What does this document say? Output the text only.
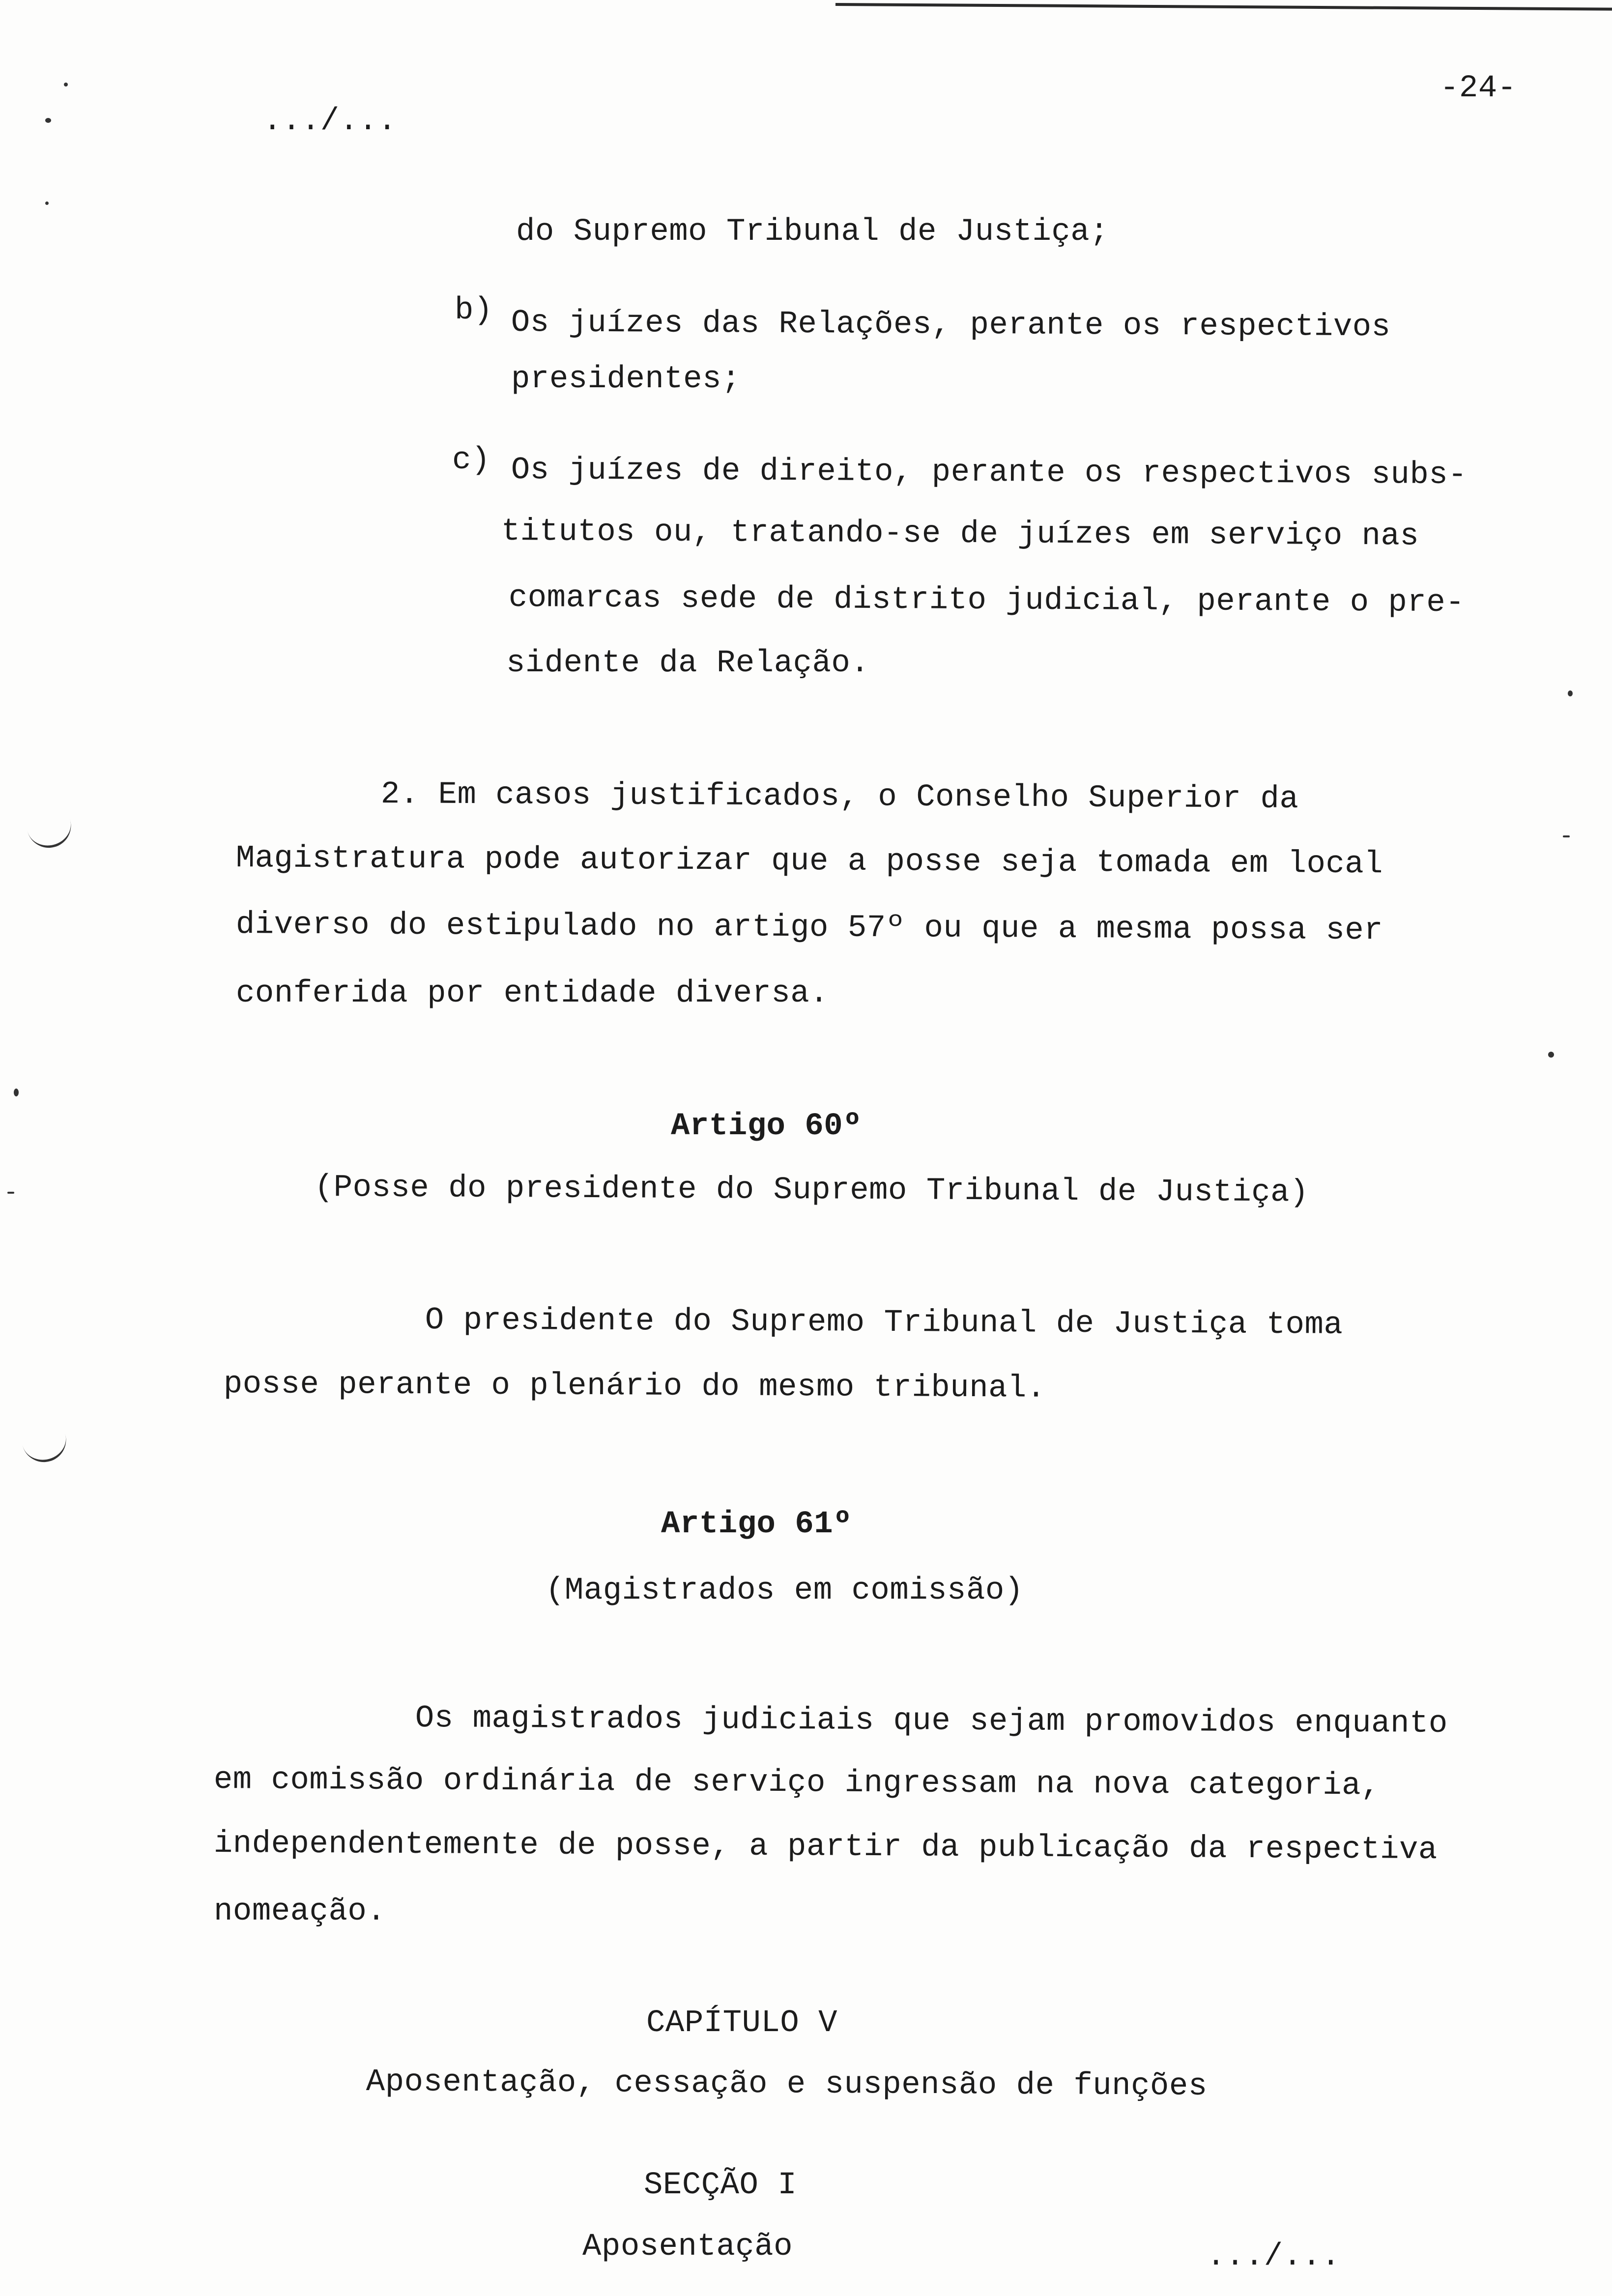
.../...
-24-
do Supremo Tribunal de Justiça;
b) Os juízes das Relações, perante os respectivos
presidentes;
c) Os juízes de direito, perante os respectivos subs-
titutos ou, tratando-se de juízes em serviço nas
comarcas sede de distrito judicial, perante o pre-
sidente da Relação.
2. Em casos justificados, o Conselho Superior da
Magistratura pode autorizar que a posse seja tomada em local
diverso do estipulado no artigo 57º ou que a mesma possa ser
conferida por entidade diversa.
Artigo 60º
(Posse do presidente do Supremo Tribunal de Justiça)
O presidente do Supremo Tribunal de Justiça toma
posse perante o plenário do mesmo tribunal.
Artigo 61º
(Magistrados em comissão)
Os magistrados judiciais que sejam promovidos enquanto
em comissão ordinária de serviço ingressam na nova categoria,
independentemente de posse, a partir da publicação da respectiva
nomeação.
CAPÍTULO V
Aposentação, cessação e suspensão de funções
SECÇÃO I
Aposentação	.../...
